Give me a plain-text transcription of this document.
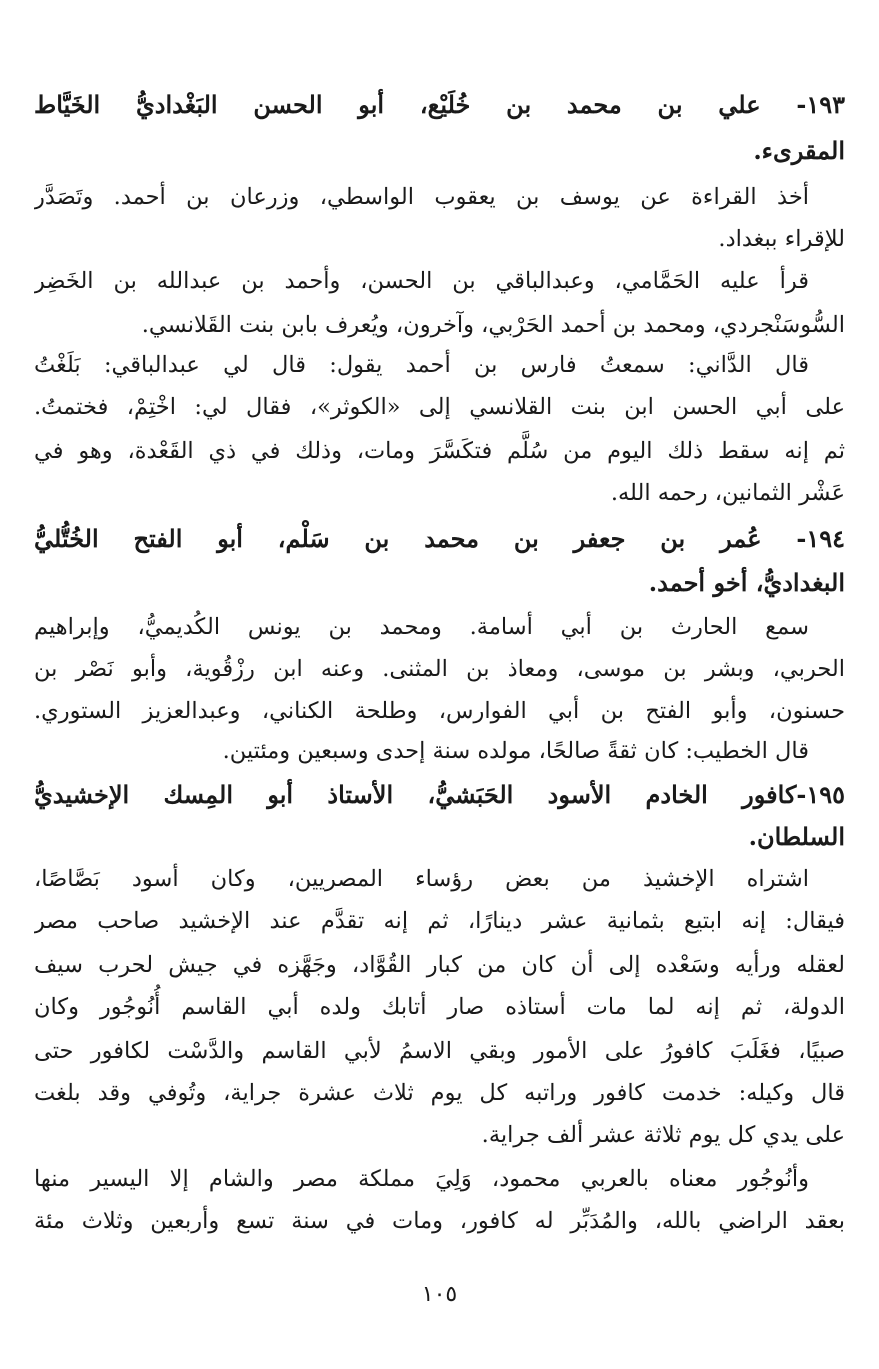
١٩٣- علي بن محمد بن خُلَيْع، أبو الحسن البَغْداديُّ الخَيَّاط
المقرىء.
أخذ القراءة عن يوسف بن يعقوب الواسطي، وزرعان بن أحمد. وتَصَدَّر
للإقراء ببغداد.
قرأ عليه الحَمَّامي، وعبدالباقي بن الحسن، وأحمد بن عبدالله بن الخَضِر
السُّوسَنْجردي، ومحمد بن أحمد الحَرْبي، وآخرون، ويُعرف بابن بنت القَلانسي.
قال الدَّاني: سمعتُ فارس بن أحمد يقول: قال لي عبدالباقي: بَلَغْتُ
على أبي الحسن ابن بنت القلانسي إلى «الكوثر»، فقال لي: اخْتِمْ، فختمتُ.
ثم إنه سقط ذلك اليوم من سُلَّم فتكَسَّرَ ومات، وذلك في ذي القَعْدة، وهو في
عَشْر الثمانين، رحمه الله.
١٩٤- عُمر بن جعفر بن محمد بن سَلْم، أبو الفتح الخُتُّليُّ
البغداديُّ، أخو أحمد.
سمع الحارث بن أبي أسامة. ومحمد بن يونس الكُديميُّ، وإبراهيم
الحربي، وبشر بن موسى، ومعاذ بن المثنى. وعنه ابن رزْقُوية، وأبو نَصْر بن
حسنون، وأبو الفتح بن أبي الفوارس، وطلحة الكناني، وعبدالعزيز الستوري.
قال الخطيب: كان ثقةً صالحًا، مولده سنة إحدى وسبعين ومئتين.
١٩٥-كافور الخادم الأسود الحَبَشيُّ، الأستاذ أبو المِسك الإخشيديُّ
السلطان.
اشتراه الإخشيذ من بعض رؤساء المصريين، وكان أسود بَصَّاصًا،
فيقال: إنه ابتيع بثمانية عشر دينارًا، ثم إنه تقدَّم عند الإخشيد صاحب مصر
لعقله ورأيه وسَعْده إلى أن كان من كبار القُوَّاد، وجَهَّزه في جيش لحرب سيف
الدولة، ثم إنه لما مات أستاذه صار أتابك ولده أبي القاسم أُنُوجُور وكان
صبيًا، فغَلَبَ كافورُ على الأمور وبقي الاسمُ لأبي القاسم والدَّسْت لكافور حتى
قال وكيله: خدمت كافور وراتبه كل يوم ثلاث عشرة جراية، وتُوفي وقد بلغت
على يدي كل يوم ثلاثة عشر ألف جراية.
وأنُوجُور معناه بالعربي محمود، وَلِيَ مملكة مصر والشام إلا اليسير منها
بعقد الراضي بالله، والمُدَبِّر له كافور، ومات في سنة تسع وأربعين وثلاث مئة
١٠٥
